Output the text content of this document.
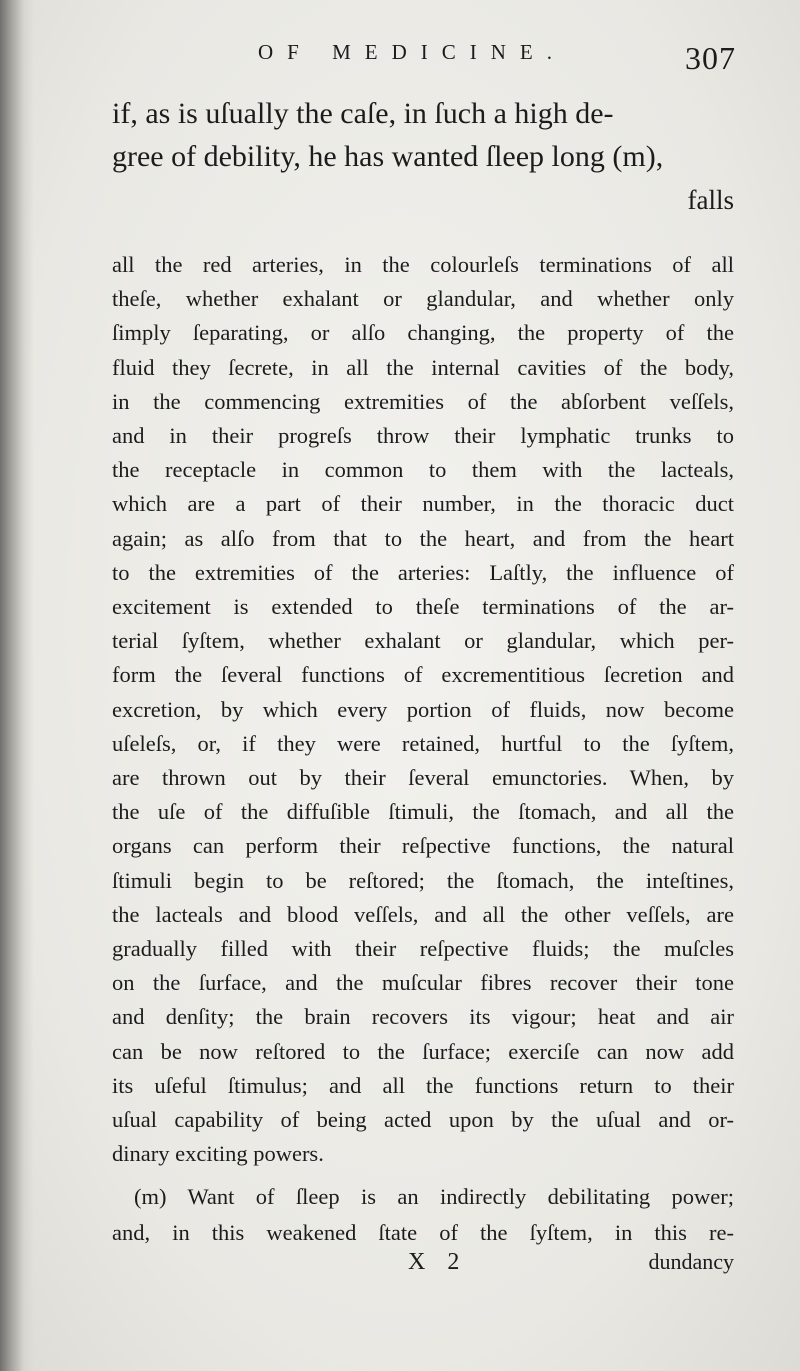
OF MEDICINE.	307
if, as is uſually the caſe, in ſuch a high de-
gree of debility, he has wanted ſleep long (m),
falls
all the red arteries, in the colourleſs terminations of all
theſe, whether exhalant or glandular, and whether only
ſimply ſeparating, or alſo changing, the property of the
fluid they ſecrete, in all the internal cavities of the body,
in the commencing extremities of the abſorbent veſſels,
and in their progreſs throw their lymphatic trunks to
the receptacle in common to them with the lacteals,
which are a part of their number, in the thoracic duct
again; as alſo from that to the heart, and from the heart
to the extremities of the arteries: Laſtly, the influence of
excitement is extended to theſe terminations of the ar-
terial ſyſtem, whether exhalant or glandular, which per-
form the ſeveral functions of excrementitious ſecretion and
excretion, by which every portion of fluids, now become
uſeleſs, or, if they were retained, hurtful to the ſyſtem,
are thrown out by their ſeveral emunctories. When, by
the uſe of the diffuſible ſtimuli, the ſtomach, and all the
organs can perform their reſpective functions, the natural
ſtimuli begin to be reſtored; the ſtomach, the inteſtines,
the lacteals and blood veſſels, and all the other veſſels, are
gradually filled with their reſpective fluids; the muſcles
on the ſurface, and the muſcular fibres recover their tone
and denſity; the brain recovers its vigour; heat and air
can be now reſtored to the ſurface; exerciſe can now add
its uſeful ſtimulus; and all the functions return to their
uſual capability of being acted upon by the uſual and or-
dinary exciting powers.
(m) Want of ſleep is an indirectly debilitating power;
and, in this weakened ſtate of the ſyſtem, in this re-
X 2	dundancy
